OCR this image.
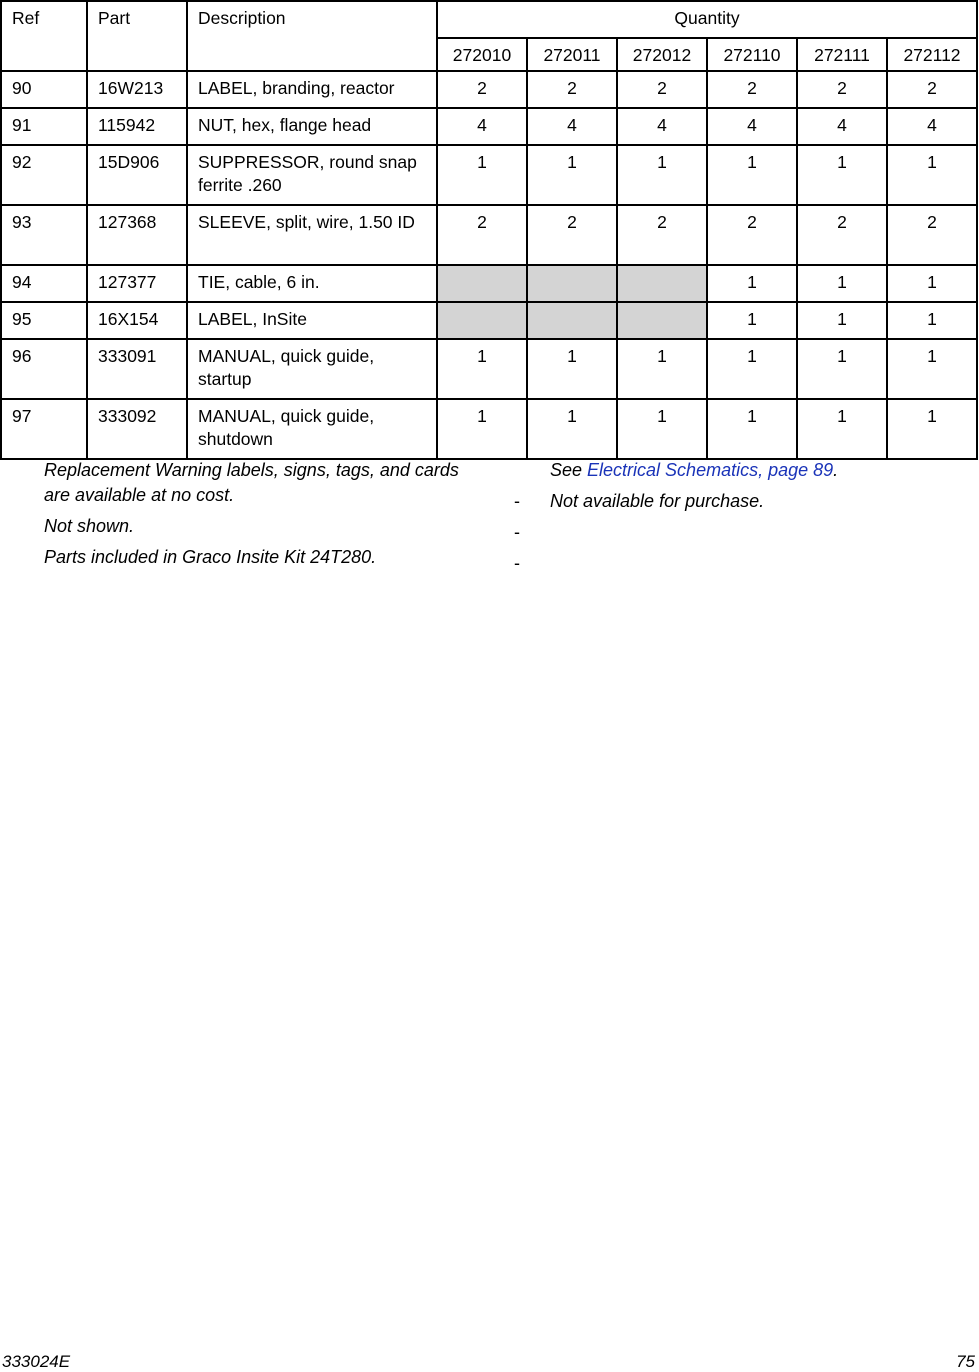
Ref	Part	Description	Quantity					
			272010	272011	272012	272110	272111	272112
90	16W213	LABEL, branding, reactor	2	2	2	2	2	2
91	115942	NUT, hex, flange head	4	4	4	4	4	4
92	15D906	SUPPRESSOR, round snap ferrite .260	1	1	1	1	1	1
93	127368	SLEEVE, split, wire, 1.50 ID	2	2	2	2	2	2
94	127377	TIE, cable, 6 in.				1	1	1
95	16X154	LABEL, InSite				1	1	1
96	333091	MANUAL, quick guide, startup	1	1	1	1	1	1
97	333092	MANUAL, quick guide, shutdown	1	1	1	1	1	1

Replacement Warning labels, signs, tags, and cards are available at no cost.

Not shown.

Parts included in Graco Insite Kit 24T280.

See Electrical Schematics, page 89.

-	Not available for purchase.

-
-
333024E	75
